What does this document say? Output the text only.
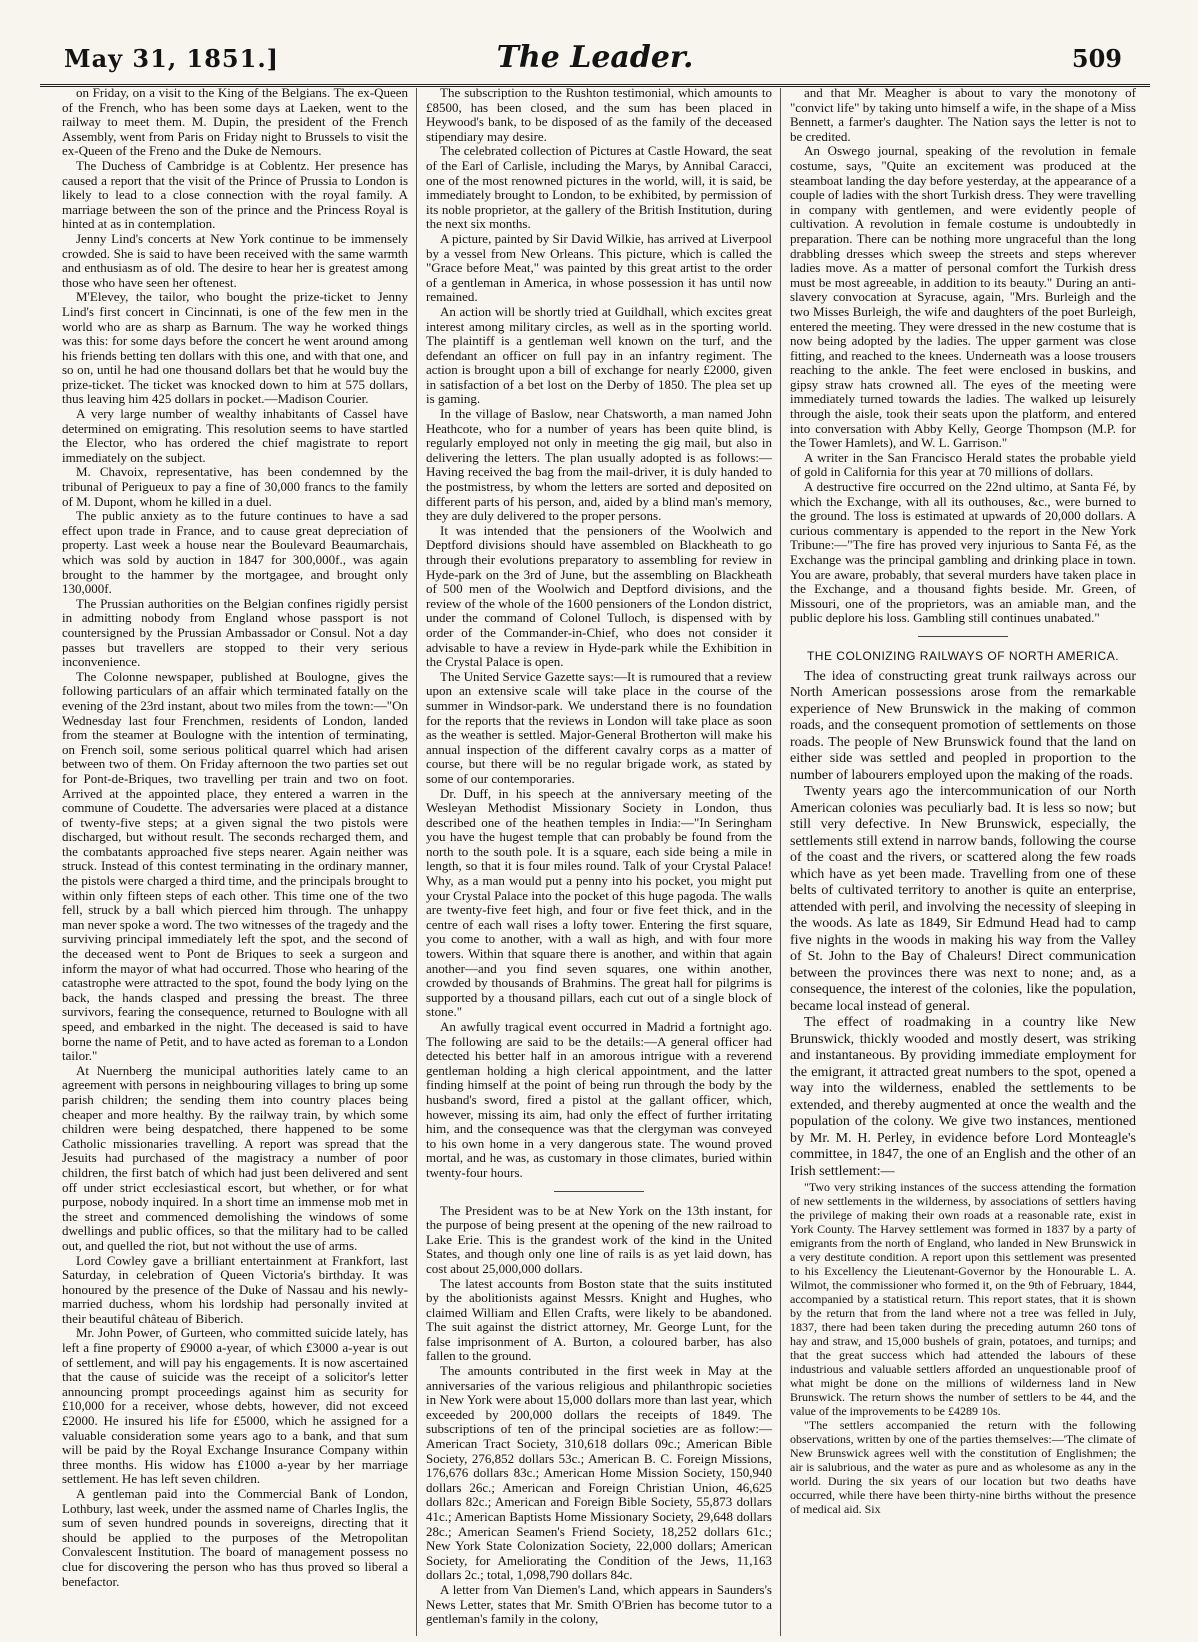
May 31, 1851.]	The Leader.	509

on Friday, on a visit to the King of the Belgians. The ex-Queen of the French, who has been some days at Laeken, went to the railway to meet them. M. Dupin, the president of the French Assembly, went from Paris on Friday night to Brussels to visit the ex-Queen of the Freno and the Duke de Nemours.

The Duchess of Cambridge is at Coblentz. Her presence has caused a report that the visit of the Prince of Prussia to London is likely to lead to a close connection with the royal family. A marriage between the son of the prince and the Princess Royal is hinted at as in contemplation.

Jenny Lind's concerts at New York continue to be immensely crowded. She is said to have been received with the same warmth and enthusiasm as of old. The desire to hear her is greatest among those who have seen her oftenest.

M'Elevey, the tailor, who bought the prize-ticket to Jenny Lind's first concert in Cincinnati, is one of the few men in the world who are as sharp as Barnum. The way he worked things was this: for some days before the concert he went around among his friends betting ten dollars with this one, and with that one, and so on, until he had one thousand dollars bet that he would buy the prize-ticket. The ticket was knocked down to him at 575 dollars, thus leaving him 425 dollars in pocket.—Madison Courier.

A very large number of wealthy inhabitants of Cassel have determined on emigrating. This resolution seems to have startled the Elector, who has ordered the chief magistrate to report immediately on the subject.

M. Chavoix, representative, has been condemned by the tribunal of Perigueux to pay a fine of 30,000 francs to the family of M. Dupont, whom he killed in a duel.

The public anxiety as to the future continues to have a sad effect upon trade in France, and to cause great depreciation of property. Last week a house near the Boulevard Beaumarchais, which was sold by auction in 1847 for 300,000f., was again brought to the hammer by the mortgagee, and brought only 130,000f.

The Prussian authorities on the Belgian confines rigidly persist in admitting nobody from England whose passport is not countersigned by the Prussian Ambassador or Consul. Not a day passes but travellers are stopped to their very serious inconvenience.

The Colonne newspaper, published at Boulogne, gives the following particulars of an affair which terminated fatally on the evening of the 23rd instant, about two miles from the town:—"On Wednesday last four Frenchmen, residents of London, landed from the steamer at Boulogne with the intention of terminating, on French soil, some serious political quarrel which had arisen between two of them. On Friday afternoon the two parties set out for Pont-de-Briques, two travelling per train and two on foot. Arrived at the appointed place, they entered a warren in the commune of Coudette. The adversaries were placed at a distance of twenty-five steps; at a given signal the two pistols were discharged, but without result. The seconds recharged them, and the combatants approached five steps nearer. Again neither was struck. Instead of this contest terminating in the ordinary manner, the pistols were charged a third time, and the principals brought to within only fifteen steps of each other. This time one of the two fell, struck by a ball which pierced him through. The unhappy man never spoke a word. The two witnesses of the tragedy and the surviving principal immediately left the spot, and the second of the deceased went to Pont de Briques to seek a surgeon and inform the mayor of what had occurred. Those who hearing of the catastrophe were attracted to the spot, found the body lying on the back, the hands clasped and pressing the breast. The three survivors, fearing the consequence, returned to Boulogne with all speed, and embarked in the night. The deceased is said to have borne the name of Petit, and to have acted as foreman to a London tailor."

At Nuernberg the municipal authorities lately came to an agreement with persons in neighbouring villages to bring up some parish children; the sending them into country places being cheaper and more healthy. By the railway train, by which some children were being despatched, there happened to be some Catholic missionaries travelling. A report was spread that the Jesuits had purchased of the magistracy a number of poor children, the first batch of which had just been delivered and sent off under strict ecclesiastical escort, but whether, or for what purpose, nobody inquired. In a short time an immense mob met in the street and commenced demolishing the windows of some dwellings and public offices, so that the military had to be called out, and quelled the riot, but not without the use of arms.

Lord Cowley gave a brilliant entertainment at Frankfort, last Saturday, in celebration of Queen Victoria's birthday. It was honoured by the presence of the Duke of Nassau and his newly-married duchess, whom his lordship had personally invited at their beautiful château of Biberich.

Mr. John Power, of Gurteen, who committed suicide lately, has left a fine property of £9000 a-year, of which £3000 a-year is out of settlement, and will pay his engagements. It is now ascertained that the cause of suicide was the receipt of a solicitor's letter announcing prompt proceedings against him as security for £10,000 for a receiver, whose debts, however, did not exceed £2000. He insured his life for £5000, which he assigned for a valuable consideration some years ago to a bank, and that sum will be paid by the Royal Exchange Insurance Company within three months. His widow has £1000 a-year by her marriage settlement. He has left seven children.

A gentleman paid into the Commercial Bank of London, Lothbury, last week, under the assmed name of Charles Inglis, the sum of seven hundred pounds in sovereigns, directing that it should be applied to the purposes of the Metropolitan Convalescent Institution. The board of management possess no clue for discovering the person who has thus proved so liberal a benefactor.

The subscription to the Rushton testimonial, which amounts to £8500, has been closed, and the sum has been placed in Heywood's bank, to be disposed of as the family of the deceased stipendiary may desire.

The celebrated collection of Pictures at Castle Howard, the seat of the Earl of Carlisle, including the Marys, by Annibal Caracci, one of the most renowned pictures in the world, will, it is said, be immediately brought to London, to be exhibited, by permission of its noble proprietor, at the gallery of the British Institution, during the next six months.

A picture, painted by Sir David Wilkie, has arrived at Liverpool by a vessel from New Orleans. This picture, which is called the "Grace before Meat," was painted by this great artist to the order of a gentleman in America, in whose possession it has until now remained.

An action will be shortly tried at Guildhall, which excites great interest among military circles, as well as in the sporting world. The plaintiff is a gentleman well known on the turf, and the defendant an officer on full pay in an infantry regiment. The action is brought upon a bill of exchange for nearly £2000, given in satisfaction of a bet lost on the Derby of 1850. The plea set up is gaming.

In the village of Baslow, near Chatsworth, a man named John Heathcote, who for a number of years has been quite blind, is regularly employed not only in meeting the gig mail, but also in delivering the letters. The plan usually adopted is as follows:—Having received the bag from the mail-driver, it is duly handed to the postmistress, by whom the letters are sorted and deposited on different parts of his person, and, aided by a blind man's memory, they are duly delivered to the proper persons.

It was intended that the pensioners of the Woolwich and Deptford divisions should have assembled on Blackheath to go through their evolutions preparatory to assembling for review in Hyde-park on the 3rd of June, but the assembling on Blackheath of 500 men of the Woolwich and Deptford divisions, and the review of the whole of the 1600 pensioners of the London district, under the command of Colonel Tulloch, is dispensed with by order of the Commander-in-Chief, who does not consider it advisable to have a review in Hyde-park while the Exhibition in the Crystal Palace is open.

The United Service Gazette says:—It is rumoured that a review upon an extensive scale will take place in the course of the summer in Windsor-park. We understand there is no foundation for the reports that the reviews in London will take place as soon as the weather is settled. Major-General Brotherton will make his annual inspection of the different cavalry corps as a matter of course, but there will be no regular brigade work, as stated by some of our contemporaries.

Dr. Duff, in his speech at the anniversary meeting of the Wesleyan Methodist Missionary Society in London, thus described one of the heathen temples in India:—"In Seringham you have the hugest temple that can probably be found from the north to the south pole. It is a square, each side being a mile in length, so that it is four miles round. Talk of your Crystal Palace! Why, as a man would put a penny into his pocket, you might put your Crystal Palace into the pocket of this huge pagoda. The walls are twenty-five feet high, and four or five feet thick, and in the centre of each wall rises a lofty tower. Entering the first square, you come to another, with a wall as high, and with four more towers. Within that square there is another, and within that again another—and you find seven squares, one within another, crowded by thousands of Brahmins. The great hall for pilgrims is supported by a thousand pillars, each cut out of a single block of stone."

An awfully tragical event occurred in Madrid a fortnight ago. The following are said to be the details:—A general officer had detected his better half in an amorous intrigue with a reverend gentleman holding a high clerical appointment, and the latter finding himself at the point of being run through the body by the husband's sword, fired a pistol at the gallant officer, which, however, missing its aim, had only the effect of further irritating him, and the consequence was that the clergyman was conveyed to his own home in a very dangerous state. The wound proved mortal, and he was, as customary in those climates, buried within twenty-four hours.

The President was to be at New York on the 13th instant, for the purpose of being present at the opening of the new railroad to Lake Erie. This is the grandest work of the kind in the United States, and though only one line of rails is as yet laid down, has cost about 25,000,000 dollars.

The latest accounts from Boston state that the suits instituted by the abolitionists against Messrs. Knight and Hughes, who claimed William and Ellen Crafts, were likely to be abandoned. The suit against the district attorney, Mr. George Lunt, for the false imprisonment of A. Burton, a coloured barber, has also fallen to the ground.

The amounts contributed in the first week in May at the anniversaries of the various religious and philanthropic societies in New York were about 15,000 dollars more than last year, which exceeded by 200,000 dollars the receipts of 1849. The subscriptions of ten of the principal societies are as follow:—American Tract Society, 310,618 dollars 09c.; American Bible Society, 276,852 dollars 53c.; American B. C. Foreign Missions, 176,676 dollars 83c.; American Home Mission Society, 150,940 dollars 26c.; American and Foreign Christian Union, 46,625 dollars 82c.; American and Foreign Bible Society, 55,873 dollars 41c.; American Baptists Home Missionary Society, 29,648 dollars 28c.; American Seamen's Friend Society, 18,252 dollars 61c.; New York State Colonization Society, 22,000 dollars; American Society, for Ameliorating the Condition of the Jews, 11,163 dollars 2c.; total, 1,098,790 dollars 84c.

A letter from Van Diemen's Land, which appears in Saunders's News Letter, states that Mr. Smith O'Brien has become tutor to a gentleman's family in the colony,

and that Mr. Meagher is about to vary the monotony of "convict life" by taking unto himself a wife, in the shape of a Miss Bennett, a farmer's daughter. The Nation says the letter is not to be credited.

An Oswego journal, speaking of the revolution in female costume, says, "Quite an excitement was produced at the steamboat landing the day before yesterday, at the appearance of a couple of ladies with the short Turkish dress. They were travelling in company with gentlemen, and were evidently people of cultivation. A revolution in female costume is undoubtedly in preparation. There can be nothing more ungraceful than the long drabbling dresses which sweep the streets and steps wherever ladies move. As a matter of personal comfort the Turkish dress must be most agreeable, in addition to its beauty." During an anti-slavery convocation at Syracuse, again, "Mrs. Burleigh and the two Misses Burleigh, the wife and daughters of the poet Burleigh, entered the meeting. They were dressed in the new costume that is now being adopted by the ladies. The upper garment was close fitting, and reached to the knees. Underneath was a loose trousers reaching to the ankle. The feet were enclosed in buskins, and gipsy straw hats crowned all. The eyes of the meeting were immediately turned towards the ladies. The walked up leisurely through the aisle, took their seats upon the platform, and entered into conversation with Abby Kelly, George Thompson (M.P. for the Tower Hamlets), and W. L. Garrison."

A writer in the San Francisco Herald states the probable yield of gold in California for this year at 70 millions of dollars.

A destructive fire occurred on the 22nd ultimo, at Santa Fé, by which the Exchange, with all its outhouses, &c., were burned to the ground. The loss is estimated at upwards of 20,000 dollars. A curious commentary is appended to the report in the New York Tribune:—"The fire has proved very injurious to Santa Fé, as the Exchange was the principal gambling and drinking place in town. You are aware, probably, that several murders have taken place in the Exchange, and a thousand fights beside. Mr. Green, of Missouri, one of the proprietors, was an amiable man, and the public deplore his loss. Gambling still continues unabated."

THE COLONIZING RAILWAYS OF NORTH AMERICA.

The idea of constructing great trunk railways across our North American possessions arose from the remarkable experience of New Brunswick in the making of common roads, and the consequent promotion of settlements on those roads. The people of New Brunswick found that the land on either side was settled and peopled in proportion to the number of labourers employed upon the making of the roads.

Twenty years ago the intercommunication of our North American colonies was peculiarly bad. It is less so now; but still very defective. In New Brunswick, especially, the settlements still extend in narrow bands, following the course of the coast and the rivers, or scattered along the few roads which have as yet been made. Travelling from one of these belts of cultivated territory to another is quite an enterprise, attended with peril, and involving the necessity of sleeping in the woods. As late as 1849, Sir Edmund Head had to camp five nights in the woods in making his way from the Valley of St. John to the Bay of Chaleurs! Direct communication between the provinces there was next to none; and, as a consequence, the interest of the colonies, like the population, became local instead of general.

The effect of roadmaking in a country like New Brunswick, thickly wooded and mostly desert, was striking and instantaneous. By providing immediate employment for the emigrant, it attracted great numbers to the spot, opened a way into the wilderness, enabled the settlements to be extended, and thereby augmented at once the wealth and the population of the colony. We give two instances, mentioned by Mr. M. H. Perley, in evidence before Lord Monteagle's committee, in 1847, the one of an English and the other of an Irish settlement:—

"Two very striking instances of the success attending the formation of new settlements in the wilderness, by associations of settlers having the privilege of making their own roads at a reasonable rate, exist in York County. The Harvey settlement was formed in 1837 by a party of emigrants from the north of England, who landed in New Brunswick in a very destitute condition. A report upon this settlement was presented to his Excellency the Lieutenant-Governor by the Honourable L. A. Wilmot, the commissioner who formed it, on the 9th of February, 1844, accompanied by a statistical return. This report states, that it is shown by the return that from the land where not a tree was felled in July, 1837, there had been taken during the preceding autumn 260 tons of hay and straw, and 15,000 bushels of grain, potatoes, and turnips; and that the great success which had attended the labours of these industrious and valuable settlers afforded an unquestionable proof of what might be done on the millions of wilderness land in New Brunswick. The return shows the number of settlers to be 44, and the value of the improvements to be £4289 10s.

"The settlers accompanied the return with the following observations, written by one of the parties themselves:—'The climate of New Brunswick agrees well with the constitution of Englishmen; the air is salubrious, and the water as pure and as wholesome as any in the world. During the six years of our location but two deaths have occurred, while there have been thirty-nine births without the presence of medical aid. Six
